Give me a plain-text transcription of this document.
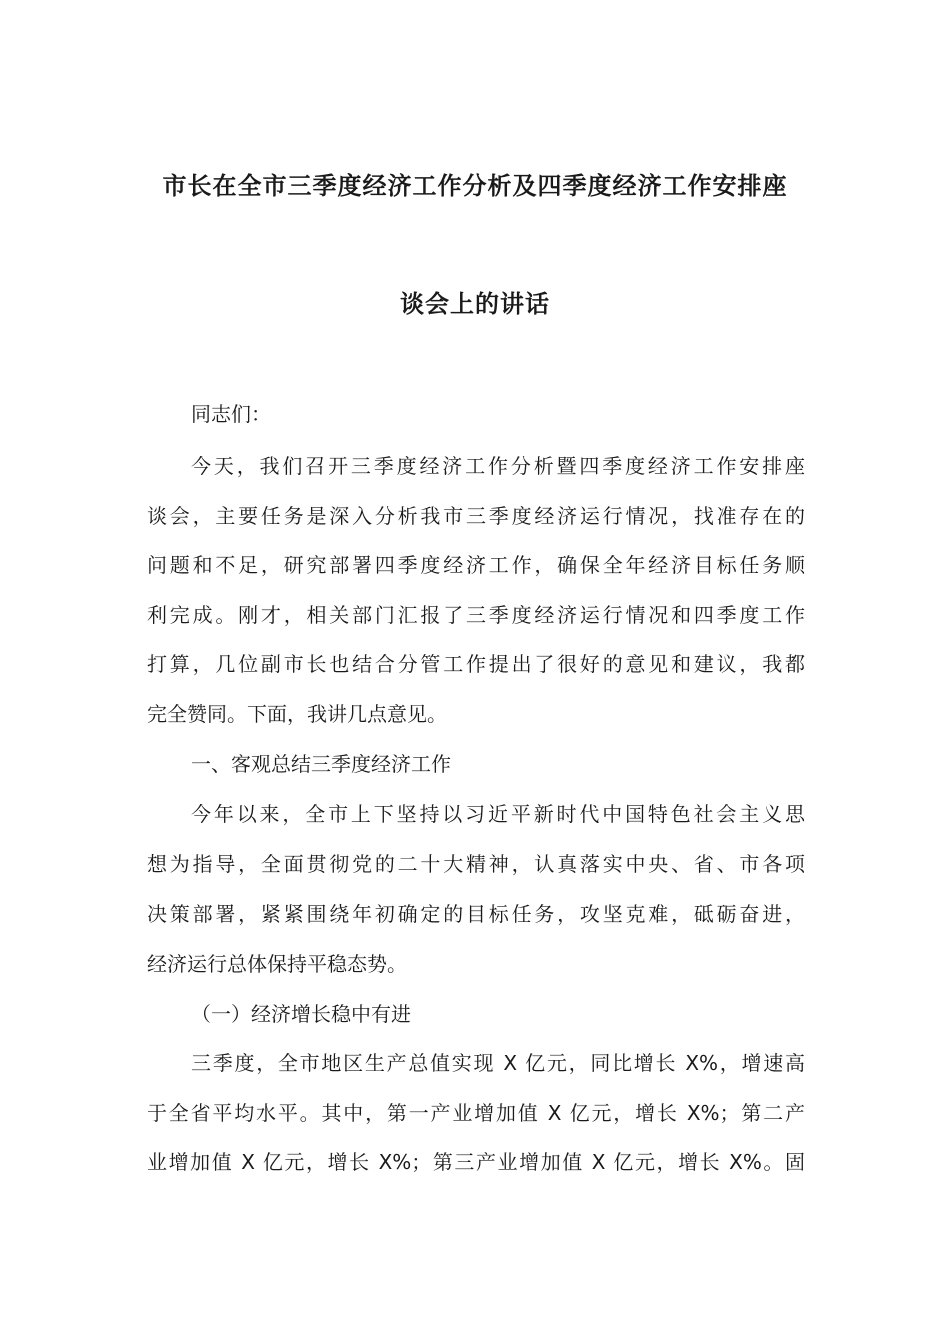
市长在全市三季度经济工作分析及四季度经济工作安排座
谈会上的讲话
同志们：
今天，我们召开三季度经济工作分析暨四季度经济工作安排座
谈会，主要任务是深入分析我市三季度经济运行情况，找准存在的
问题和不足，研究部署四季度经济工作，确保全年经济目标任务顺
利完成。刚才，相关部门汇报了三季度经济运行情况和四季度工作
打算，几位副市长也结合分管工作提出了很好的意见和建议，我都
完全赞同。下面，我讲几点意见。
一、客观总结三季度经济工作
今年以来，全市上下坚持以习近平新时代中国特色社会主义思
想为指导，全面贯彻党的二十大精神，认真落实中央、省、市各项
决策部署，紧紧围绕年初确定的目标任务，攻坚克难，砥砺奋进，
经济运行总体保持平稳态势。
（一）经济增长稳中有进
三季度，全市地区生产总值实现 X 亿元，同比增长 X%，增速高
于全省平均水平。其中，第一产业增加值 X 亿元，增长 X%；第二产
业增加值 X 亿元，增长 X%；第三产业增加值 X 亿元，增长 X%。固
